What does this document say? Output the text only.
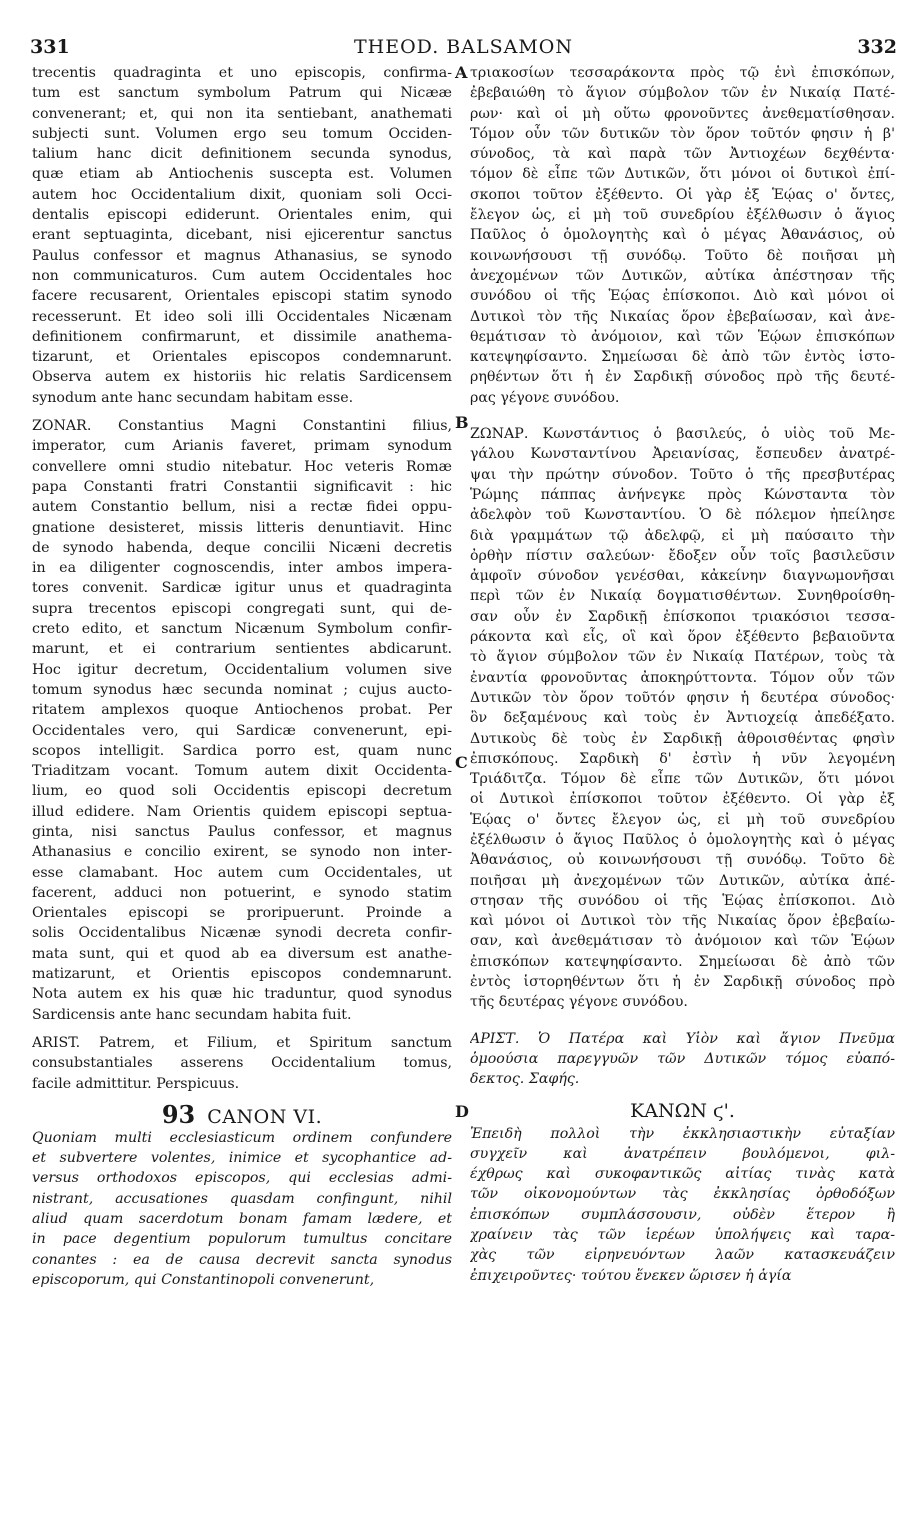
331	THEOD. BALSAMON	332
A
B
C
D
trecentis quadraginta et uno episcopis, confirma-
tum est sanctum symbolum Patrum qui Nicææ
convenerant; et, qui non ita sentiebant, anathemati
subjecti sunt. Volumen ergo seu tomum Occiden-
talium hanc dicit definitionem secunda synodus,
quæ etiam ab Antiochenis suscepta est. Volumen
autem hoc Occidentalium dixit, quoniam soli Occi-
dentalis episcopi ediderunt. Orientales enim, qui
erant septuaginta, dicebant, nisi ejicerentur sanctus
Paulus confessor et magnus Athanasius, se synodo
non communicaturos. Cum autem Occidentales hoc
facere recusarent, Orientales episcopi statim synodo
recesserunt. Et ideo soli illi Occidentales Nicænam
definitionem confirmarunt, et dissimile anathema-
tizarunt, et Orientales episcopos condemnarunt.
Observa autem ex historiis hic relatis Sardicensem
synodum ante hanc secundam habitam esse.
ZONAR. Constantius Magni Constantini filius,
imperator, cum Arianis faveret, primam synodum
convellere omni studio nitebatur. Hoc veteris Romæ
papa Constanti fratri Constantii significavit : hic
autem Constantio bellum, nisi a rectæ fidei oppu-
gnatione desisteret, missis litteris denuntiavit. Hinc
de synodo habenda, deque concilii Nicæni decretis
in ea diligenter cognoscendis, inter ambos impera-
tores convenit. Sardicæ igitur unus et quadraginta
supra trecentos episcopi congregati sunt, qui de-
creto edito, et sanctum Nicænum Symbolum confir-
marunt, et ei contrarium sentientes abdicarunt.
Hoc igitur decretum, Occidentalium volumen sive
tomum synodus hæc secunda nominat ; cujus aucto-
ritatem amplexos quoque Antiochenos probat. Per
Occidentales vero, qui Sardicæ convenerunt, epi-
scopos intelligit. Sardica porro est, quam nunc
Triaditzam vocant. Tomum autem dixit Occidenta-
lium, eo quod soli Occidentis episcopi decretum
illud edidere. Nam Orientis quidem episcopi septua-
ginta, nisi sanctus Paulus confessor, et magnus
Athanasius e concilio exirent, se synodo non inter-
esse clamabant. Hoc autem cum Occidentales, ut
facerent, adduci non potuerint, e synodo statim
Orientales episcopi se proripuerunt. Proinde a
solis Occidentalibus Nicænæ synodi decreta confir-
mata sunt, qui et quod ab ea diversum est anathe-
matizarunt, et Orientis episcopos condemnarunt.
Nota autem ex his quæ hic traduntur, quod synodus
Sardicensis ante hanc secundam habita fuit.
ARIST. Patrem, et Filium, et Spiritum sanctum
consubstantiales asserens Occidentalium tomus,
facile admittitur. Perspicuus.
93 CANON VI.
Quoniam multi ecclesiasticum ordinem confundere
et subvertere volentes, inimice et sycophantice ad-
versus orthodoxos episcopos, qui ecclesias admi-
nistrant, accusationes quasdam confingunt, nihil
aliud quam sacerdotum bonam famam lædere, et
in pace degentium populorum tumultus concitare
conantes : ea de causa decrevit sancta synodus
episcoporum, qui Constantinopoli convenerunt,
τριακοσίων τεσσαράκοντα πρὸς τῷ ἑνὶ ἐπισκόπων,
ἐβεβαιώθη τὸ ἅγιον σύμβολον τῶν ἐν Νικαίᾳ Πατέ-
ρων· καὶ οἱ μὴ οὕτω φρονοῦντες ἀνεθεματίσθησαν.
Τόμον οὖν τῶν δυτικῶν τὸν ὅρον τοῦτόν φησιν ἡ β'
σύνοδος, τὰ καὶ παρὰ τῶν Ἀντιοχέων δεχθέντα·
τόμον δὲ εἶπε τῶν Δυτικῶν, ὅτι μόνοι οἱ δυτικοὶ ἐπί-
σκοποι τοῦτον ἐξέθεντο. Οἱ γὰρ ἐξ Ἑῴας ο' ὄντες,
ἔλεγον ὡς, εἰ μὴ τοῦ συνεδρίου ἐξέλθωσιν ὁ ἅγιος
Παῦλος ὁ ὁμολογητὴς καὶ ὁ μέγας Ἀθανάσιος, οὐ
κοινωνήσουσι τῇ συνόδῳ. Τοῦτο δὲ ποιῆσαι μὴ
ἀνεχομένων τῶν Δυτικῶν, αὐτίκα ἀπέστησαν τῆς
συνόδου οἱ τῆς Ἑῴας ἐπίσκοποι. Διὸ καὶ μόνοι οἱ
Δυτικοὶ τὸν τῆς Νικαίας ὅρον ἐβεβαίωσαν, καὶ ἀνε-
θεμάτισαν τὸ ἀνόμοιον, καὶ τῶν Ἑῴων ἐπισκόπων
κατεψηφίσαντο. Σημείωσαι δὲ ἀπὸ τῶν ἐντὸς ἱστο-
ρηθέντων ὅτι ἡ ἐν Σαρδικῇ σύνοδος πρὸ τῆς δευτέ-
ρας γέγονε συνόδου.
ΖΩΝΑΡ. Κωνστάντιος ὁ βασιλεύς, ὁ υἱὸς τοῦ Με-
γάλου Κωνσταντίνου Ἀρειανίσας, ἔσπευδεν ἀνατρέ-
ψαι τὴν πρώτην σύνοδον. Τοῦτο ὁ τῆς πρεσβυτέρας
Ῥώμης πάππας ἀνήνεγκε πρὸς Κώνσταντα τὸν
ἀδελφὸν τοῦ Κωνσταντίου. Ὁ δὲ πόλεμον ἠπείλησε
διὰ γραμμάτων τῷ ἀδελφῷ, εἰ μὴ παύσαιτο τὴν
ὀρθὴν πίστιν σαλεύων· ἔδοξεν οὖν τοῖς βασιλεῦσιν
ἀμφοῖν σύνοδον γενέσθαι, κἀκείνην διαγνωμονῆσαι
περὶ τῶν ἐν Νικαίᾳ δογματισθέντων. Συνηθροίσθη-
σαν οὖν ἐν Σαρδικῇ ἐπίσκοποι τριακόσιοι τεσσα-
ράκοντα καὶ εἷς, οἳ καὶ ὅρον ἐξέθεντο βεβαιοῦντα
τὸ ἅγιον σύμβολον τῶν ἐν Νικαίᾳ Πατέρων, τοὺς τὰ
ἐναντία φρονοῦντας ἀποκηρύττοντα. Τόμον οὖν τῶν
Δυτικῶν τὸν ὅρον τοῦτόν φησιν ἡ δευτέρα σύνοδος·
ὃν δεξαμένους καὶ τοὺς ἐν Ἀντιοχείᾳ ἀπεδέξατο.
Δυτικοὺς δὲ τοὺς ἐν Σαρδικῇ ἀθροισθέντας φησὶν
ἐπισκόπους. Σαρδικὴ δ' ἐστὶν ἡ νῦν λεγομένη
Τριάδιτζα. Τόμον δὲ εἶπε τῶν Δυτικῶν, ὅτι μόνοι
οἱ Δυτικοὶ ἐπίσκοποι τοῦτον ἐξέθεντο. Οἱ γὰρ ἐξ
Ἑῴας ο' ὄντες ἔλεγον ὡς, εἰ μὴ τοῦ συνεδρίου
ἐξέλθωσιν ὁ ἅγιος Παῦλος ὁ ὁμολογητὴς καὶ ὁ μέγας
Ἀθανάσιος, οὐ κοινωνήσουσι τῇ συνόδῳ. Τοῦτο δὲ
ποιῆσαι μὴ ἀνεχομένων τῶν Δυτικῶν, αὐτίκα ἀπέ-
στησαν τῆς συνόδου οἱ τῆς Ἑῴας ἐπίσκοποι. Διὸ
καὶ μόνοι οἱ Δυτικοὶ τὸν τῆς Νικαίας ὅρον ἐβεβαίω-
σαν, καὶ ἀνεθεμάτισαν τὸ ἀνόμοιον καὶ τῶν Ἑῴων
ἐπισκόπων κατεψηφίσαντο. Σημείωσαι δὲ ἀπὸ τῶν
ἐντὸς ἱστορηθέντων ὅτι ἡ ἐν Σαρδικῇ σύνοδος πρὸ
τῆς δευτέρας γέγονε συνόδου.
ΑΡΙΣΤ. Ὁ Πατέρα καὶ Υἱὸν καὶ ἅγιον Πνεῦμα
ὁμοούσια παρεγγυῶν τῶν Δυτικῶν τόμος εὐαπό-
δεκτος. Σαφής.
ΚΑΝΩΝ ϛ'.
Ἐπειδὴ πολλοὶ τὴν ἐκκλησιαστικὴν εὐταξίαν
συγχεῖν καὶ ἀνατρέπειν βουλόμενοι, φιλ-
έχθρως καὶ συκοφαντικῶς αἰτίας τινὰς κατὰ
τῶν οἰκονομούντων τὰς ἐκκλησίας ὀρθοδόξων
ἐπισκόπων συμπλάσσουσιν, οὐδὲν ἕτερον ἢ
χραίνειν τὰς τῶν ἱερέων ὑπολήψεις καὶ ταρα-
χὰς τῶν εἰρηνευόντων λαῶν κατασκευάζειν
ἐπιχειροῦντες· τούτου ἕνεκεν ὥρισεν ἡ ἁγία
